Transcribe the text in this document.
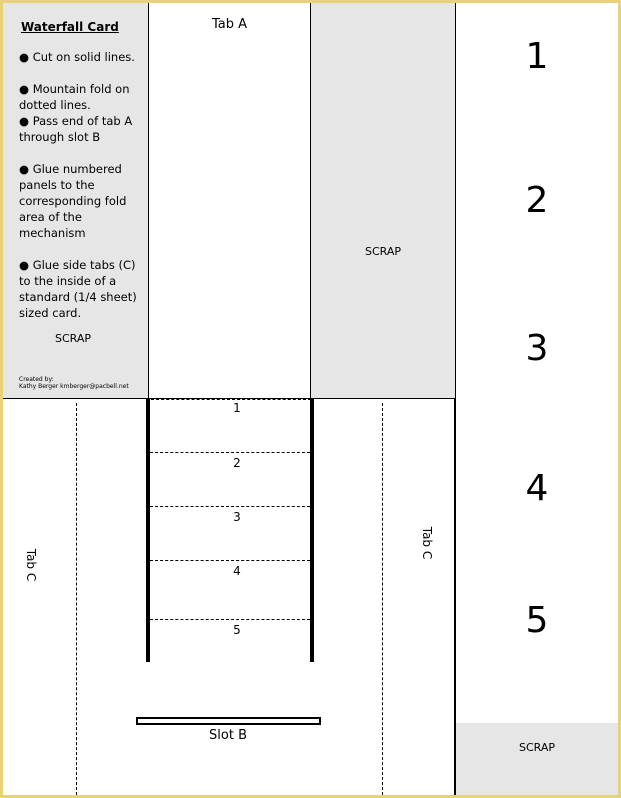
Waterfall Card
● Cut on solid lines.
● Mountain fold on dotted lines.
● Pass end of tab A through slot B
● Glue numbered panels to the corresponding fold area of the mechanism
● Glue side tabs (C) to the inside of a standard (1/4 sheet) sized card.
SCRAP
Created by:
Kathy Berger kmberger@pacbell.net
Tab A
SCRAP
1
2
3
4
5
SCRAP
1
2
3
4
5
Tab C
Tab C
Slot B
